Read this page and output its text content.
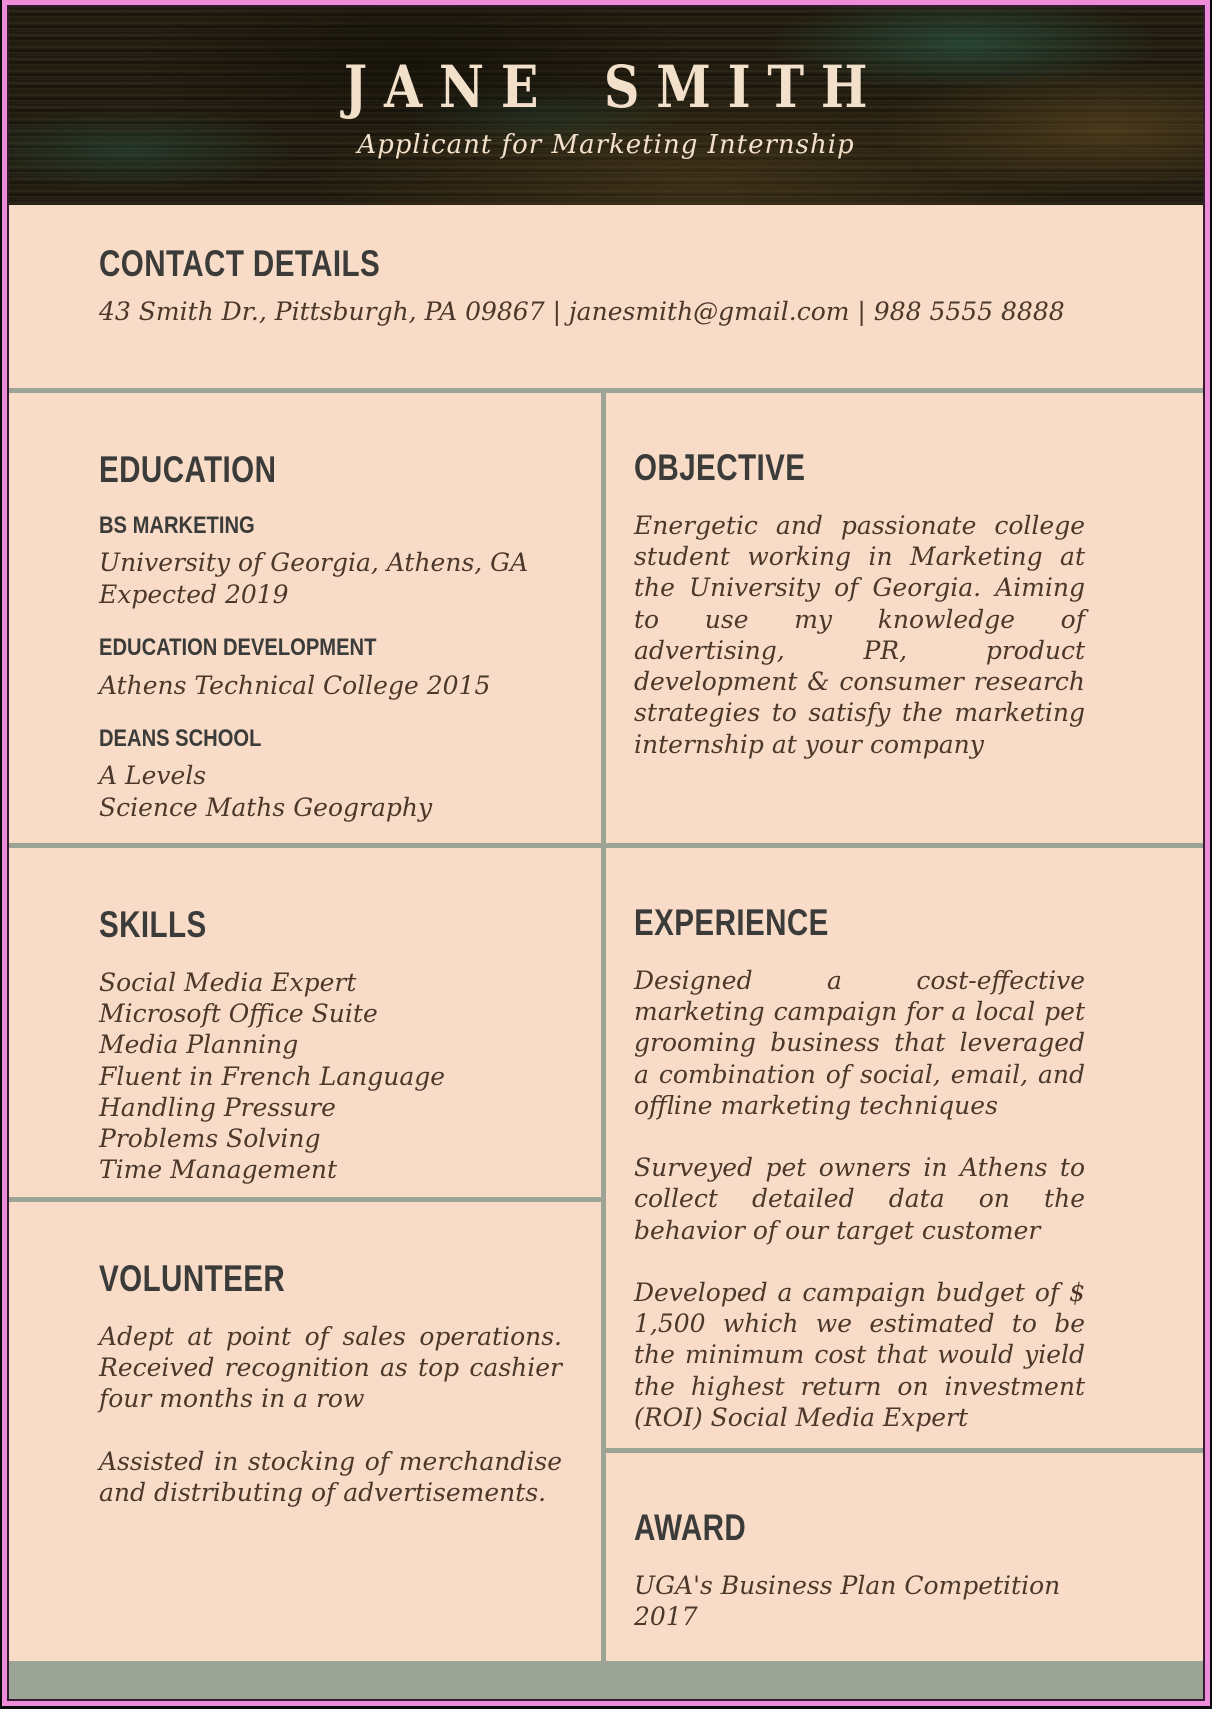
JANE SMITH
Applicant for Marketing Internship
CONTACT DETAILS

43 Smith Dr., Pittsburgh, PA 09867 | janesmith@gmail.com | 988 5555 8888

EDUCATION
BS MARKETING
University of Georgia, Athens, GA
Expected 2019
EDUCATION DEVELOPMENT
Athens Technical College 2015
DEANS SCHOOL
A Levels
Science Maths Geography
SKILLS
Social Media Expert
Microsoft Office Suite
Media Planning
Fluent in French Language
Handling Pressure
Problems Solving
Time Management
VOLUNTEER

Adept at point of sales operations. Received recognition as top cashier four months in a row

Assisted in stocking of merchandise and distributing of advertisements.

OBJECTIVE

Energetic and passionate college student working in Marketing at the University of Georgia. Aiming to use my knowledge of advertising, PR, product development & consumer research strategies to satisfy the marketing internship at your company

EXPERIENCE

Designed a cost-effective marketing campaign for a local pet grooming business that leveraged a combination of social, email, and offline marketing techniques

Surveyed pet owners in Athens to collect detailed data on the behavior of our target customer

Developed a campaign budget of $ 1,500 which we estimated to be the minimum cost that would yield the highest return on investment (ROI) Social Media Expert

AWARD
UGA's Business Plan Competition
2017
